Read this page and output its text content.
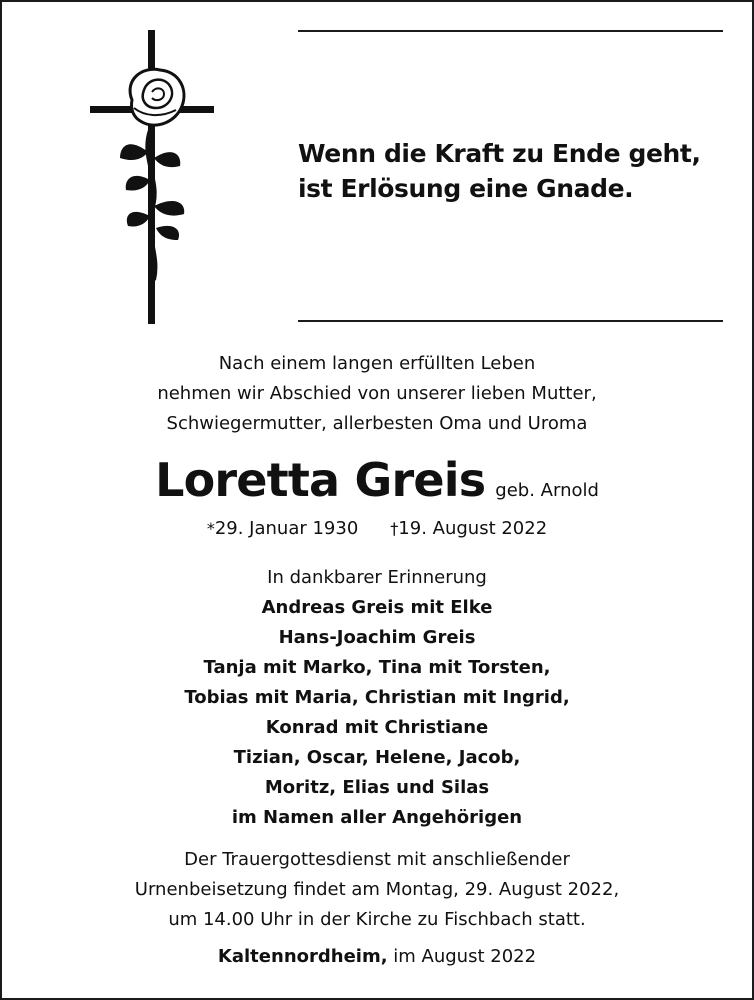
Wenn die Kraft zu Ende geht,
ist Erlösung eine Gnade.
Nach einem langen erfüllten Leben
nehmen wir Abschied von unserer lieben Mutter,
Schwiegermutter, allerbesten Oma und Uroma
Loretta Greis geb. Arnold
*29. Januar 1930 †19. August 2022
In dankbarer Erinnerung
Andreas Greis mit Elke
Hans-Joachim Greis
Tanja mit Marko, Tina mit Torsten,
Tobias mit Maria, Christian mit Ingrid,
Konrad mit Christiane
Tizian, Oscar, Helene, Jacob,
Moritz, Elias und Silas
im Namen aller Angehörigen
Der Trauergottesdienst mit anschließender
Urnenbeisetzung findet am Montag, 29. August 2022,
um 14.00 Uhr in der Kirche zu Fischbach statt.
Kaltennordheim, im August 2022
